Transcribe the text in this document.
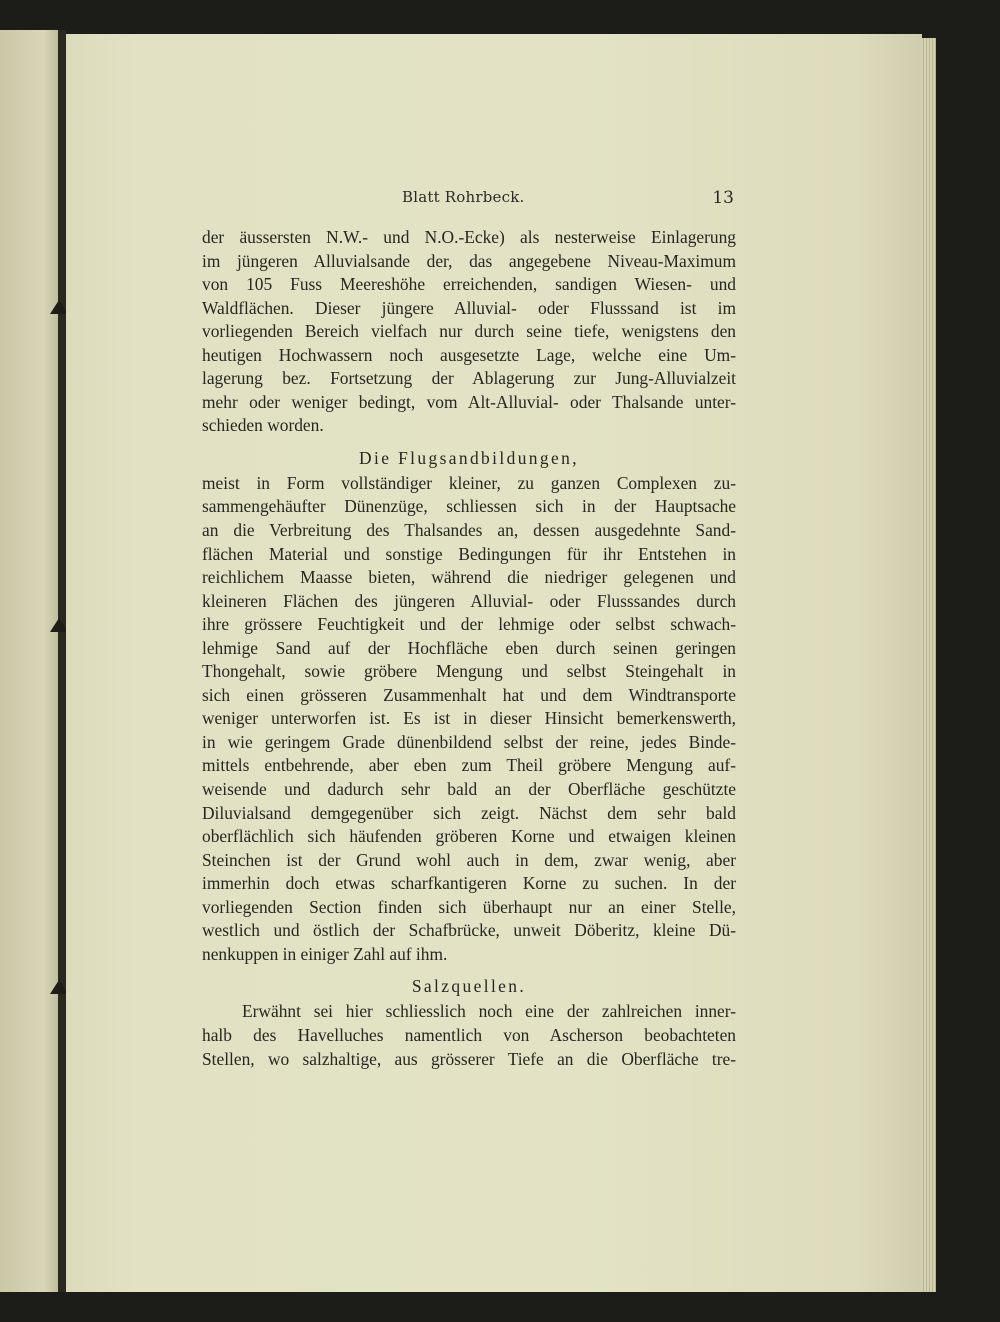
Blatt Rohrbeck.	13
der äussersten N.W.- und N.O.-Ecke) als nesterweise Einlagerung
im jüngeren Alluvialsande der, das angegebene Niveau-Maximum
von 105 Fuss Meereshöhe erreichenden, sandigen Wiesen- und
Waldflächen. Dieser jüngere Alluvial- oder Flusssand ist im
vorliegenden Bereich vielfach nur durch seine tiefe, wenigstens den
heutigen Hochwassern noch ausgesetzte Lage, welche eine Um-
lagerung bez. Fortsetzung der Ablagerung zur Jung-Alluvialzeit
mehr oder weniger bedingt, vom Alt-Alluvial- oder Thalsande unter-
schieden worden.
Die Flugsandbildungen,
meist in Form vollständiger kleiner, zu ganzen Complexen zu-
sammengehäufter Dünenzüge, schliessen sich in der Hauptsache
an die Verbreitung des Thalsandes an, dessen ausgedehnte Sand-
flächen Material und sonstige Bedingungen für ihr Entstehen in
reichlichem Maasse bieten, während die niedriger gelegenen und
kleineren Flächen des jüngeren Alluvial- oder Flusssandes durch
ihre grössere Feuchtigkeit und der lehmige oder selbst schwach-
lehmige Sand auf der Hochfläche eben durch seinen geringen
Thongehalt, sowie gröbere Mengung und selbst Steingehalt in
sich einen grösseren Zusammenhalt hat und dem Windtransporte
weniger unterworfen ist. Es ist in dieser Hinsicht bemerkenswerth,
in wie geringem Grade dünenbildend selbst der reine, jedes Binde-
mittels entbehrende, aber eben zum Theil gröbere Mengung auf-
weisende und dadurch sehr bald an der Oberfläche geschützte
Diluvialsand demgegenüber sich zeigt. Nächst dem sehr bald
oberflächlich sich häufenden gröberen Korne und etwaigen kleinen
Steinchen ist der Grund wohl auch in dem, zwar wenig, aber
immerhin doch etwas scharfkantigeren Korne zu suchen. In der
vorliegenden Section finden sich überhaupt nur an einer Stelle,
westlich und östlich der Schafbrücke, unweit Döberitz, kleine Dü-
nenkuppen in einiger Zahl auf ihm.
Salzquellen.
Erwähnt sei hier schliesslich noch eine der zahlreichen inner-
halb des Havelluches namentlich von Ascherson beobachteten
Stellen, wo salzhaltige, aus grösserer Tiefe an die Oberfläche tre-
